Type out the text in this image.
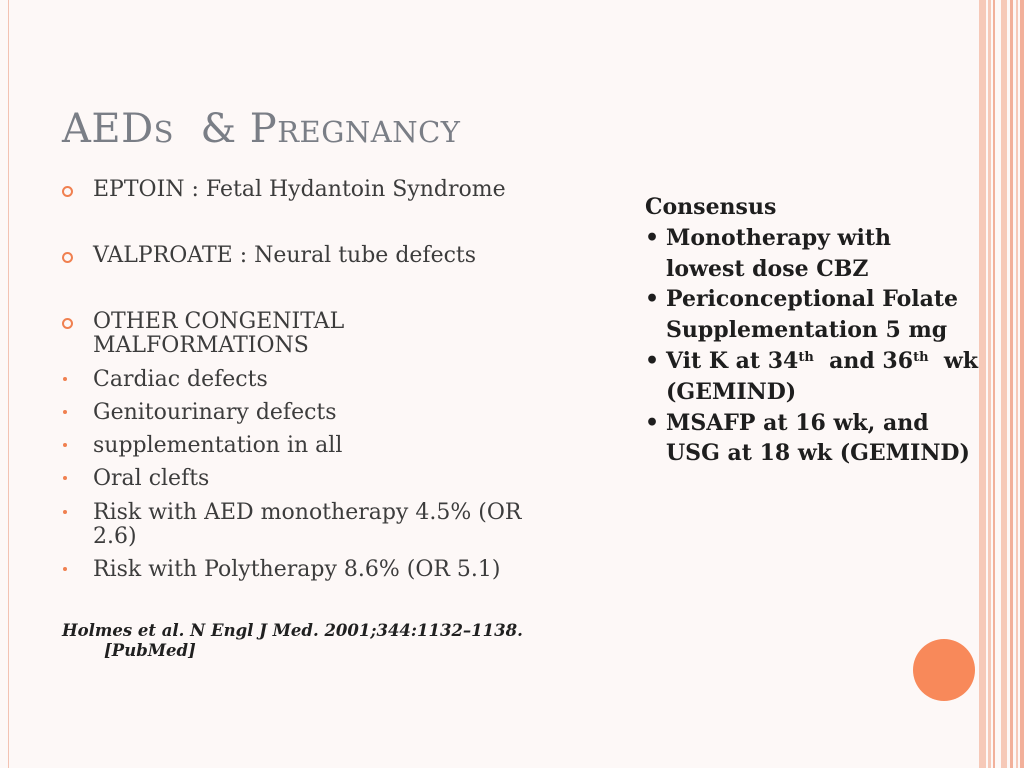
AEDS & PREGNANCY
EPTOIN : Fetal Hydantoin Syndrome
VALPROATE : Neural tube defects
OTHER CONGENITAL
MALFORMATIONS
Cardiac defects
Genitourinary defects
supplementation in all
Oral clefts
Risk with AED monotherapy 4.5% (OR
2.6)
Risk with Polytherapy 8.6% (OR 5.1)
Holmes et al. N Engl J Med. 2001;344:1132–1138.
[PubMed]
Consensus
• Monotherapy with
lowest dose CBZ
• Periconceptional Folate
Supplementation 5 mg
• Vit K at 34th and 36th wk
(GEMIND)
• MSAFP at 16 wk, and
USG at 18 wk (GEMIND)
